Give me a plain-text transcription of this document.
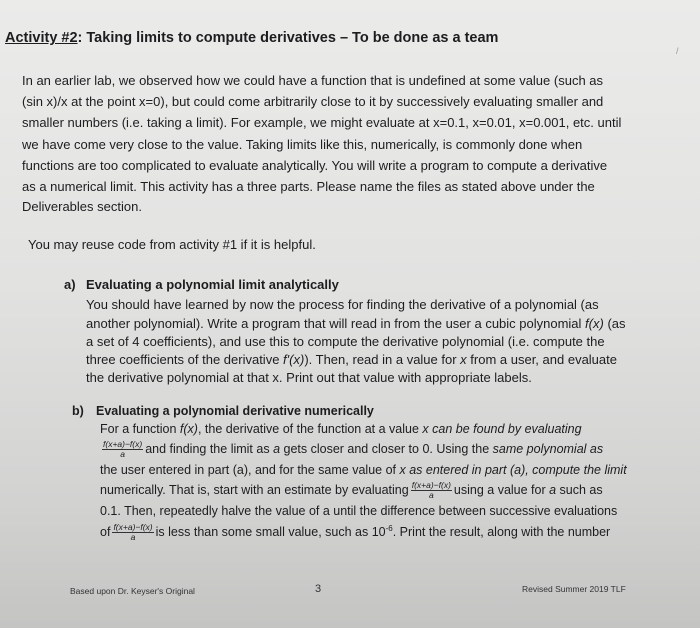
Activity #2: Taking limits to compute derivatives – To be done as a team
/
In an earlier lab, we observed how we could have a function that is undefined at some value (such as
(sin x)/x at the point x=0), but could come arbitrarily close to it by successively evaluating smaller and
smaller numbers (i.e. taking a limit). For example, we might evaluate at x=0.1, x=0.01, x=0.001, etc. until
we have come very close to the value. Taking limits like this, numerically, is commonly done when
functions are too complicated to evaluate analytically. You will write a program to compute a derivative
as a numerical limit. This activity has a three parts. Please name the files as stated above under the
Deliverables section.
You may reuse code from activity #1 if it is helpful.
a) Evaluating a polynomial limit analytically
You should have learned by now the process for finding the derivative of a polynomial (as
another polynomial). Write a program that will read in from the user a cubic polynomial f(x) (as
a set of 4 coefficients), and use this to compute the derivative polynomial (i.e. compute the
three coefficients of the derivative f'(x)). Then, read in a value for x from a user, and evaluate
the derivative polynomial at that x. Print out that value with appropriate labels.
b) Evaluating a polynomial derivative numerically
For a function f(x), the derivative of the function at a value x can be found by evaluating
$\frac{f(x+a)-f(x)}{a}$ and finding the limit as a gets closer and closer to 0. Using the same polynomial as
the user entered in part (a), and for the same value of x as entered in part (a), compute the limit
numerically. That is, start with an estimate by evaluating $\frac{f(x+a)-f(x)}{a}$ using a value for a such as
0.1. Then, repeatedly halve the value of a until the difference between successive evaluations
of $\frac{f(x+a)-f(x)}{a}$ is less than some small value, such as $10^{-6}$. Print the result, along with the number
Based upon Dr. Keyser's Original	3	Revised Summer 2019 TLF
